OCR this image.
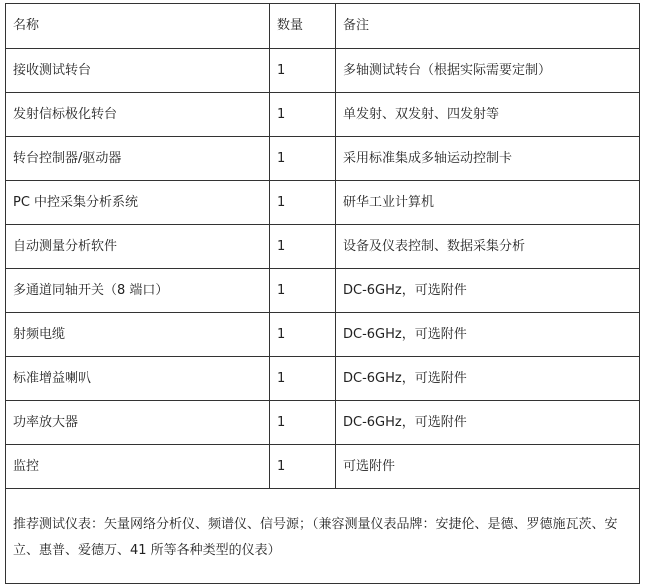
名称	数量	备注
接收测试转台	1	多轴测试转台（根据实际需要定制）
发射信标极化转台	1	单发射、双发射、四发射等
转台控制器/驱动器	1	采用标准集成多轴运动控制卡
PC 中控采集分析系统	1	研华工业计算机
自动测量分析软件	1	设备及仪表控制、数据采集分析
多通道同轴开关（8 端口）	1	DC-6GHz，可选附件
射频电缆	1	DC-6GHz，可选附件
标准增益喇叭	1	DC-6GHz，可选附件
功率放大器	1	DC-6GHz，可选附件
监控	1	可选附件
推荐测试仪表：矢量网络分析仪、频谱仪、信号源；（兼容测量仪表品牌：安捷伦、是德、罗德施瓦茨、安立、惠普、爱德万、41 所等各种类型的仪表）		
